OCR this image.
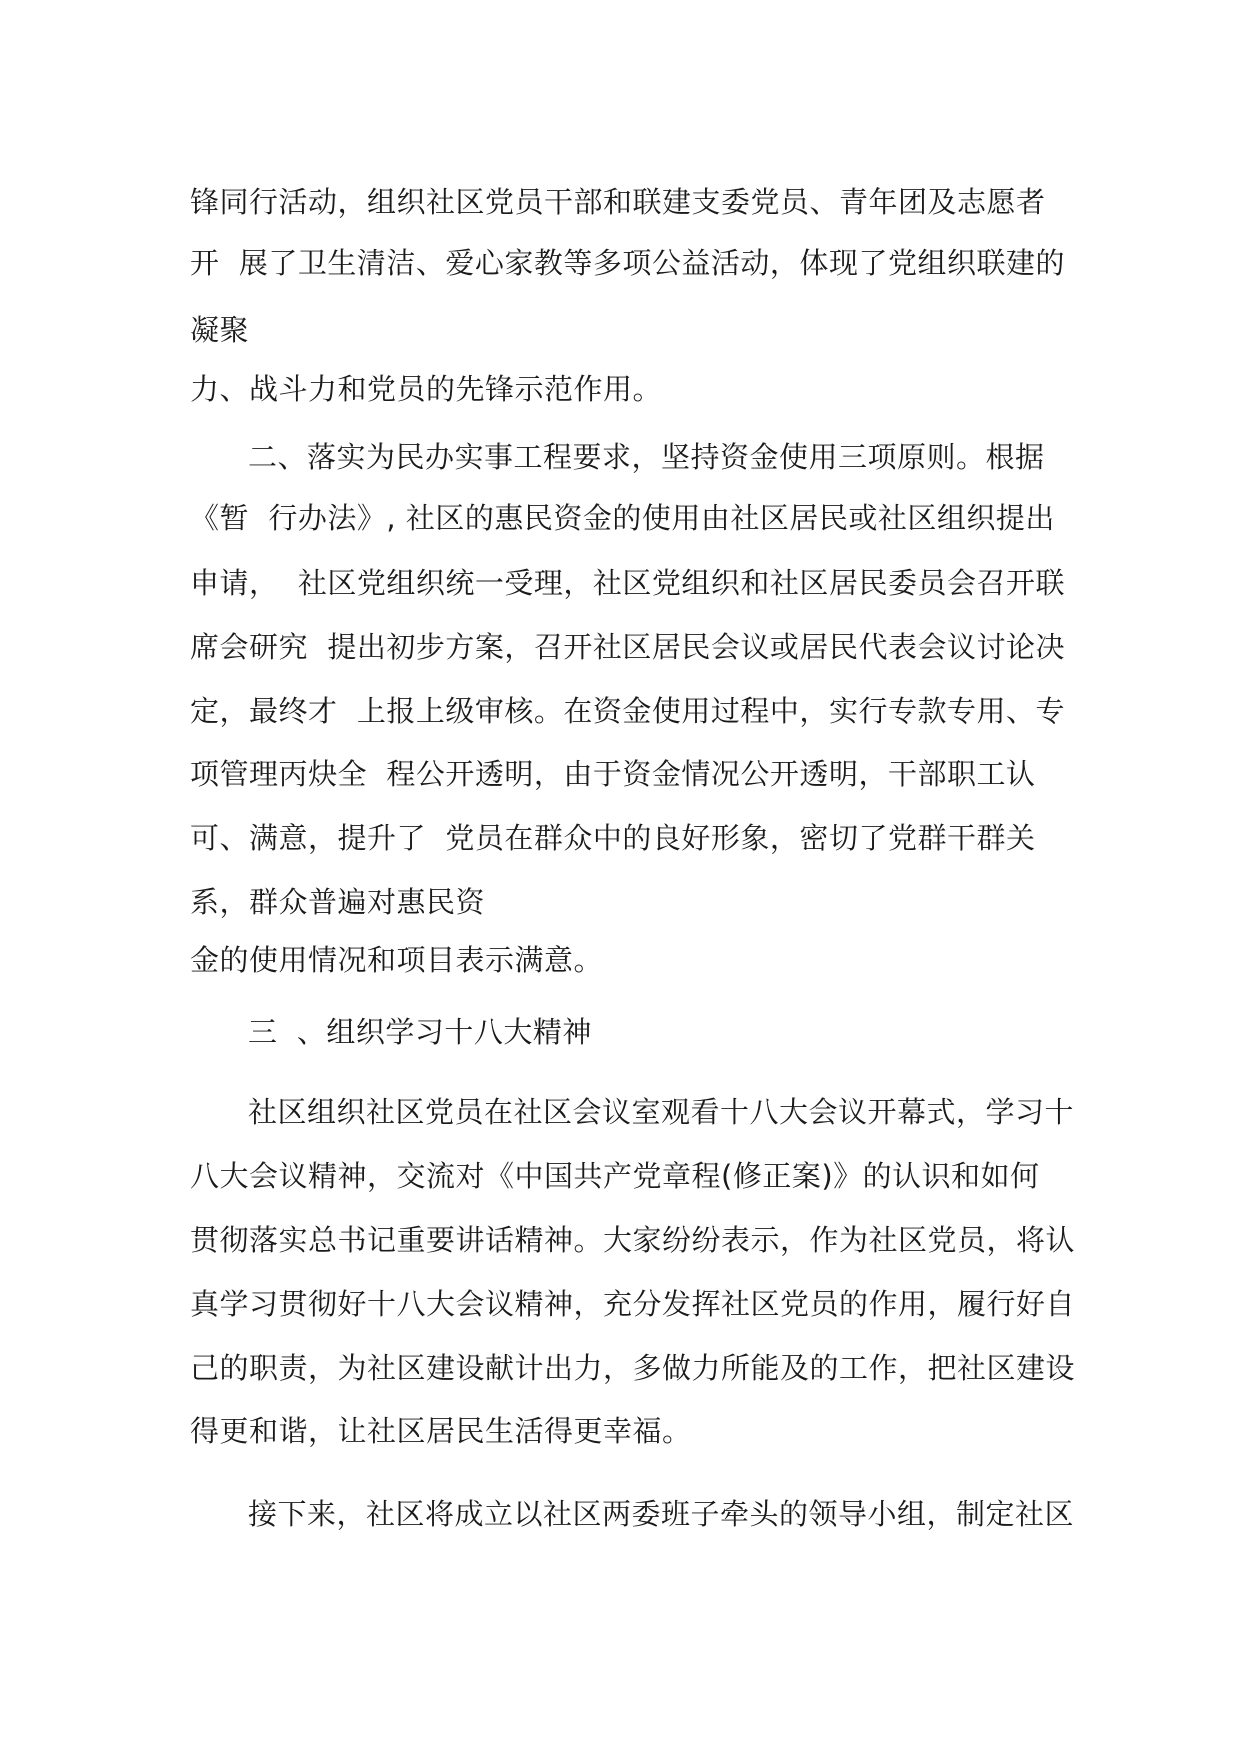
锋同行活动，组织社区党员干部和联建支委党员、青年团及志愿者
开  展了卫生清洁、爱心家教等多项公益活动，体现了党组织联建的
凝聚
力、战斗力和党员的先锋示范作用。
二、落实为民办实事工程要求，坚持资金使用三项原则。根据
《暂  行办法》, 社区的惠民资金的使用由社区居民或社区组织提出
申请，  社区党组织统一受理，社区党组织和社区居民委员会召开联
席会研究  提出初步方案，召开社区居民会议或居民代表会议讨论决
定，最终才  上报上级审核。在资金使用过程中，实行专款专用、专
项管理丙炔全  程公开透明，由于资金情况公开透明，干部职工认
可、满意，提升了  党员在群众中的良好形象，密切了党群干群关
系，群众普遍对惠民资
金的使用情况和项目表示满意。
三  、组织学习十八大精神
社区组织社区党员在社区会议室观看十八大会议开幕式，学习十
八大会议精神，交流对《中国共产党章程(修正案)》的认识和如何
贯彻落实总书记重要讲话精神。大家纷纷表示，作为社区党员，将认
真学习贯彻好十八大会议精神，充分发挥社区党员的作用，履行好自
己的职责，为社区建设献计出力，多做力所能及的工作，把社区建设
得更和谐，让社区居民生活得更幸福。
接下来，社区将成立以社区两委班子牵头的领导小组，制定社区
